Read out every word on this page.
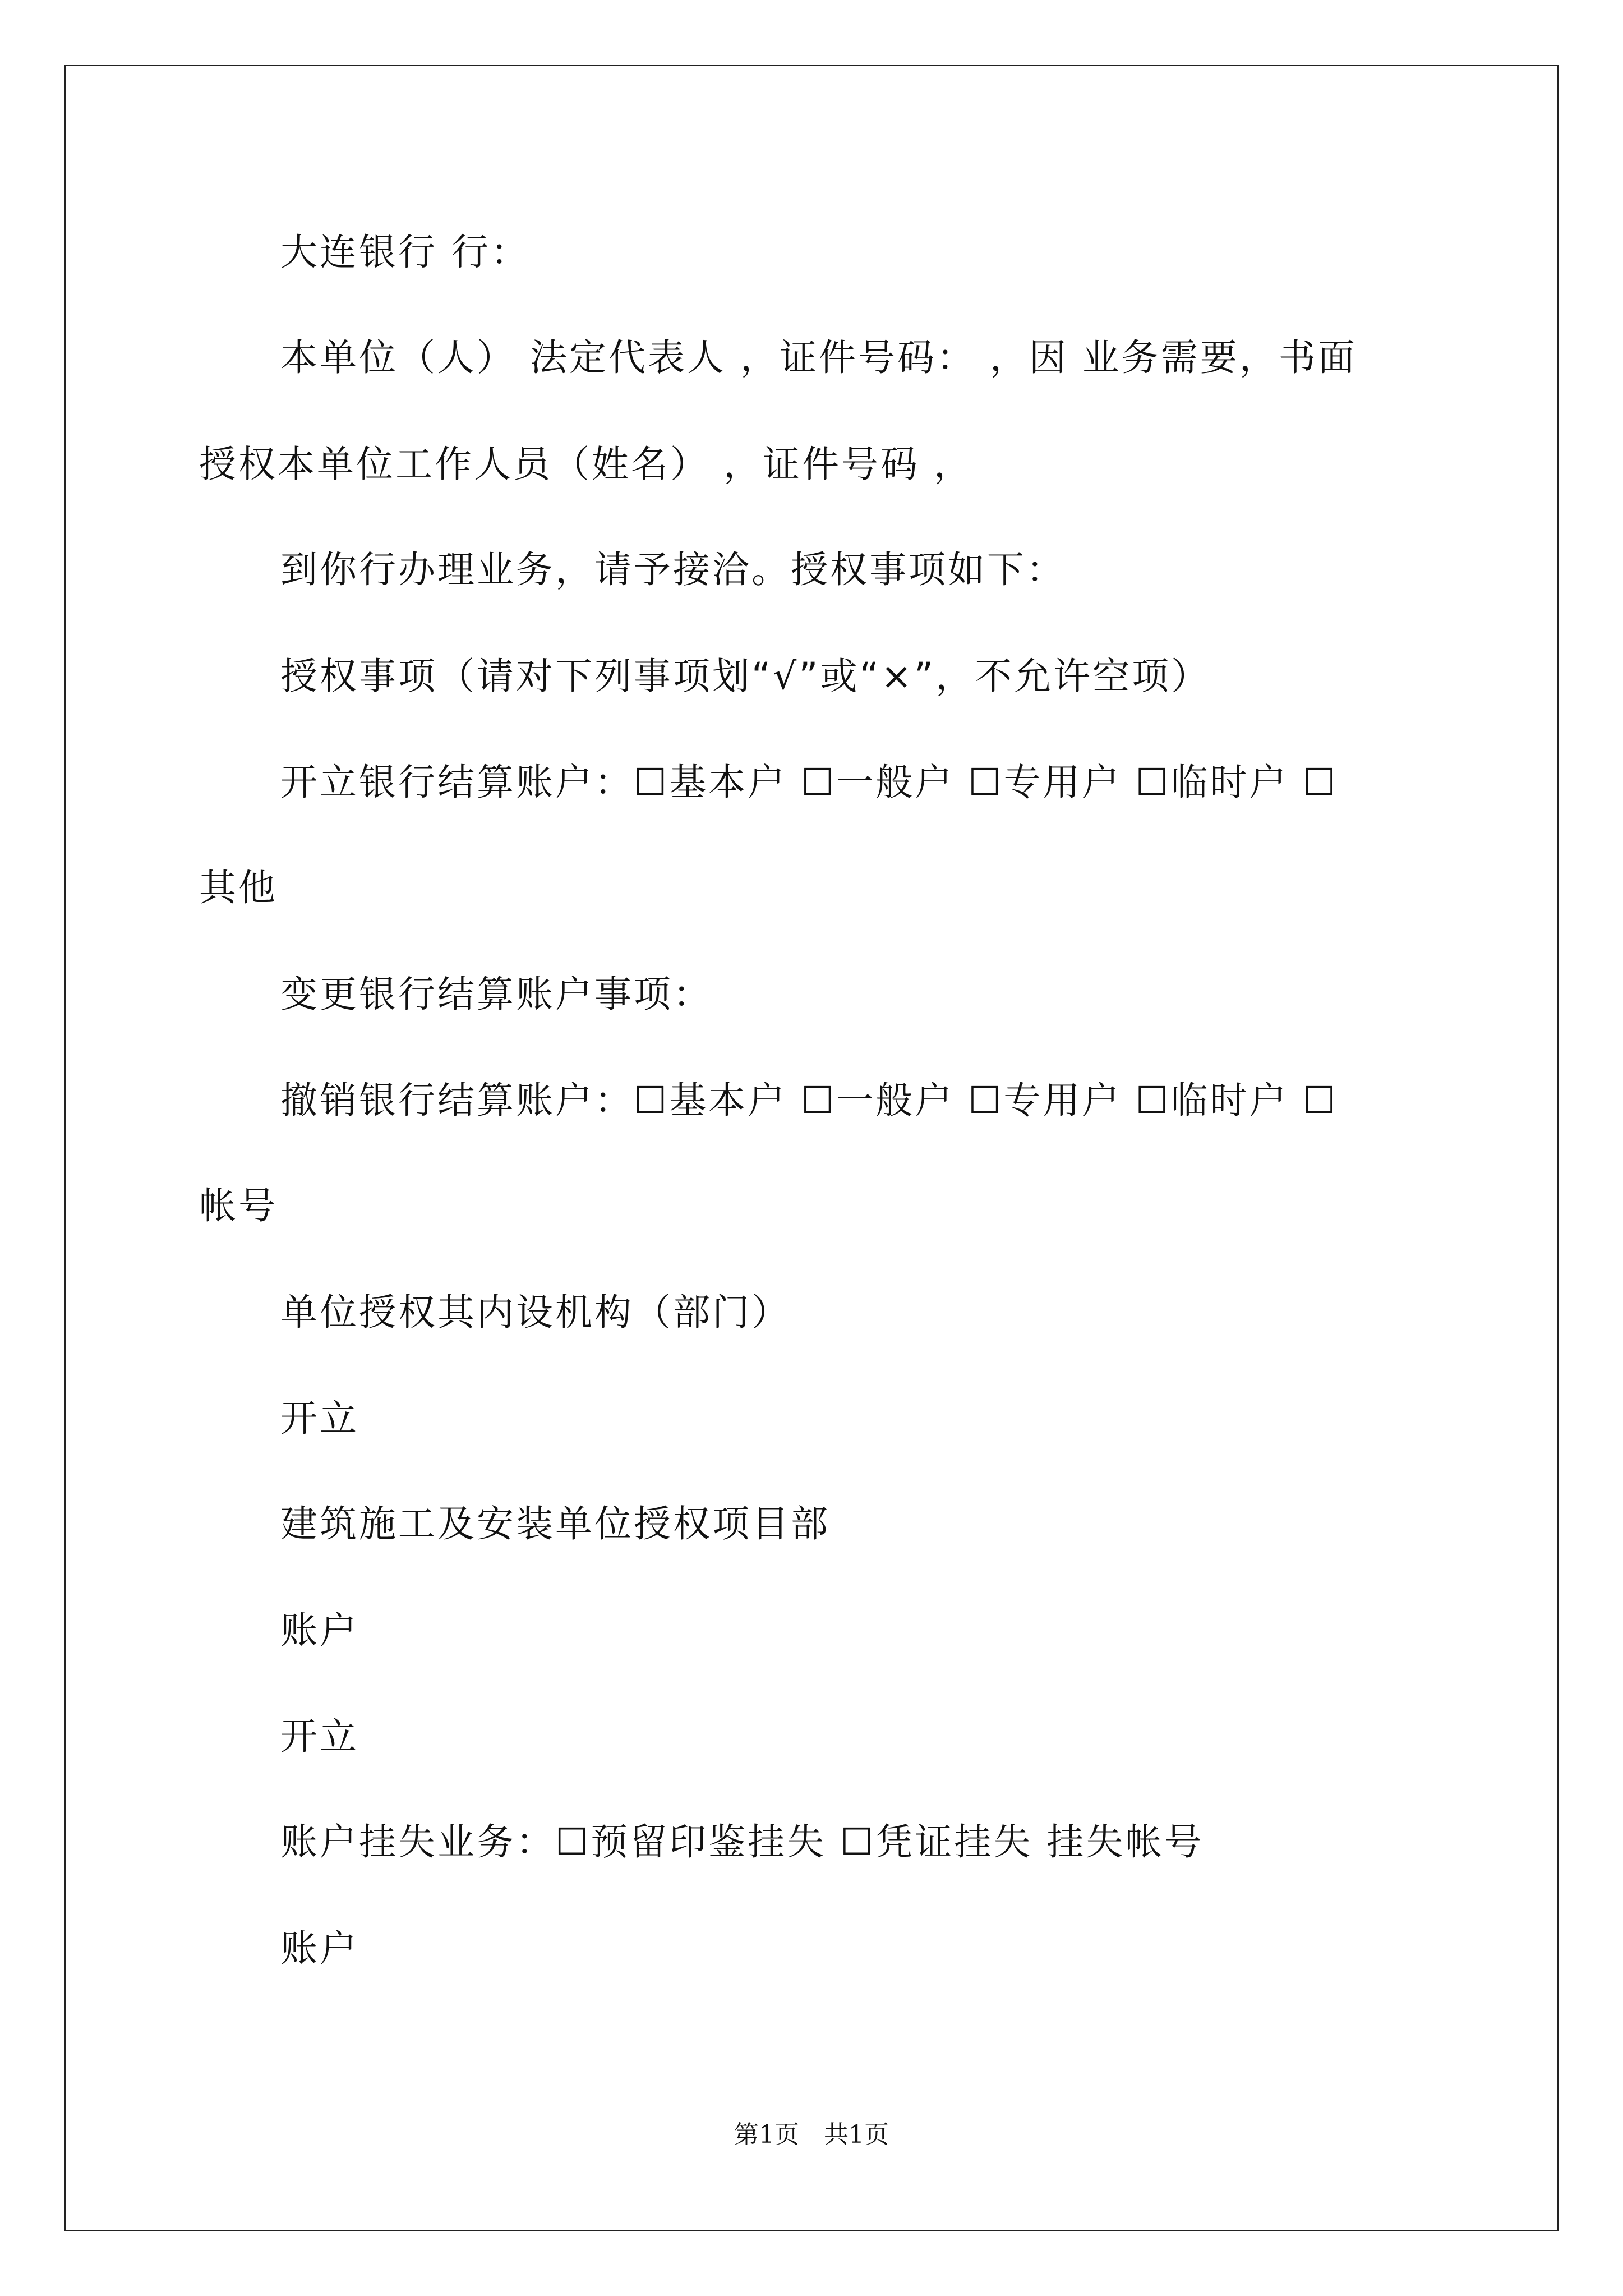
大连银行 行：
本单位（人） 法定代表人 ，证件号码： ，因 业务需要，书面
授权本单位工作人员（姓名） ，证件号码 ，
到你行办理业务，请予接洽。授权事项如下：
授权事项（请对下列事项划“√”或“×”，不允许空项）
开立银行结算账户：☐基本户 ☐一般户 ☐专用户 ☐临时户 ☐
其他
变更银行结算账户事项：
撤销银行结算账户：☐基本户 ☐一般户 ☐专用户 ☐临时户 ☐
帐号
单位授权其内设机构（部门）
开立
建筑施工及安装单位授权项目部
账户
开立
账户挂失业务：☐预留印鉴挂失 ☐凭证挂失 挂失帐号
账户
第1页　共1页
